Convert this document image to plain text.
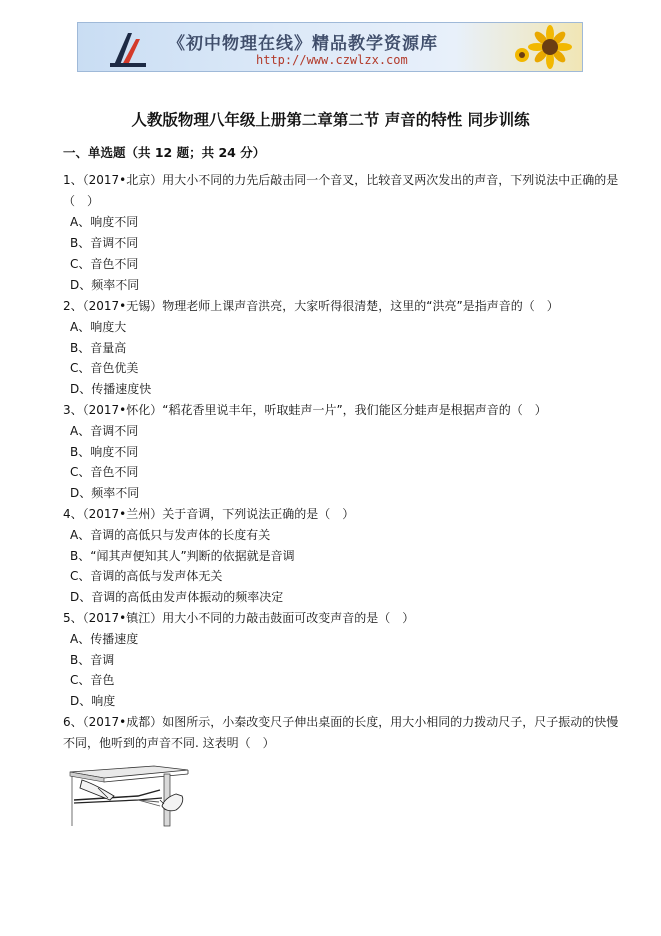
《初中物理在线》精品教学资源库
http://www.czwlzx.com
人教版物理八年级上册第二章第二节 声音的特性 同步训练
一、单选题（共 12 题；共 24 分）
1、（2017•北京）用大小不同的力先后敲击同一个音叉，比较音叉两次发出的声音，下列说法中正确的是
（　）
A、响度不同
B、音调不同
C、音色不同
D、频率不同
2、（2017•无锡）物理老师上课声音洪亮，大家听得很清楚，这里的“洪亮”是指声音的（　）
A、响度大
B、音量高
C、音色优美
D、传播速度快
3、（2017•怀化）“稻花香里说丰年，听取蛙声一片”，我们能区分蛙声是根据声音的（　）
A、音调不同
B、响度不同
C、音色不同
D、频率不同
4、（2017•兰州）关于音调，下列说法正确的是（　）
A、音调的高低只与发声体的长度有关
B、“闻其声便知其人”判断的依据就是音调
C、音调的高低与发声体无关
D、音调的高低由发声体振动的频率决定
5、（2017•镇江）用大小不同的力敲击鼓面可改变声音的是（　）
A、传播速度
B、音调
C、音色
D、响度
6、（2017•成都）如图所示，小秦改变尺子伸出桌面的长度，用大小相同的力拨动尺子，尺子振动的快慢
不同，他听到的声音不同. 这表明（　）
